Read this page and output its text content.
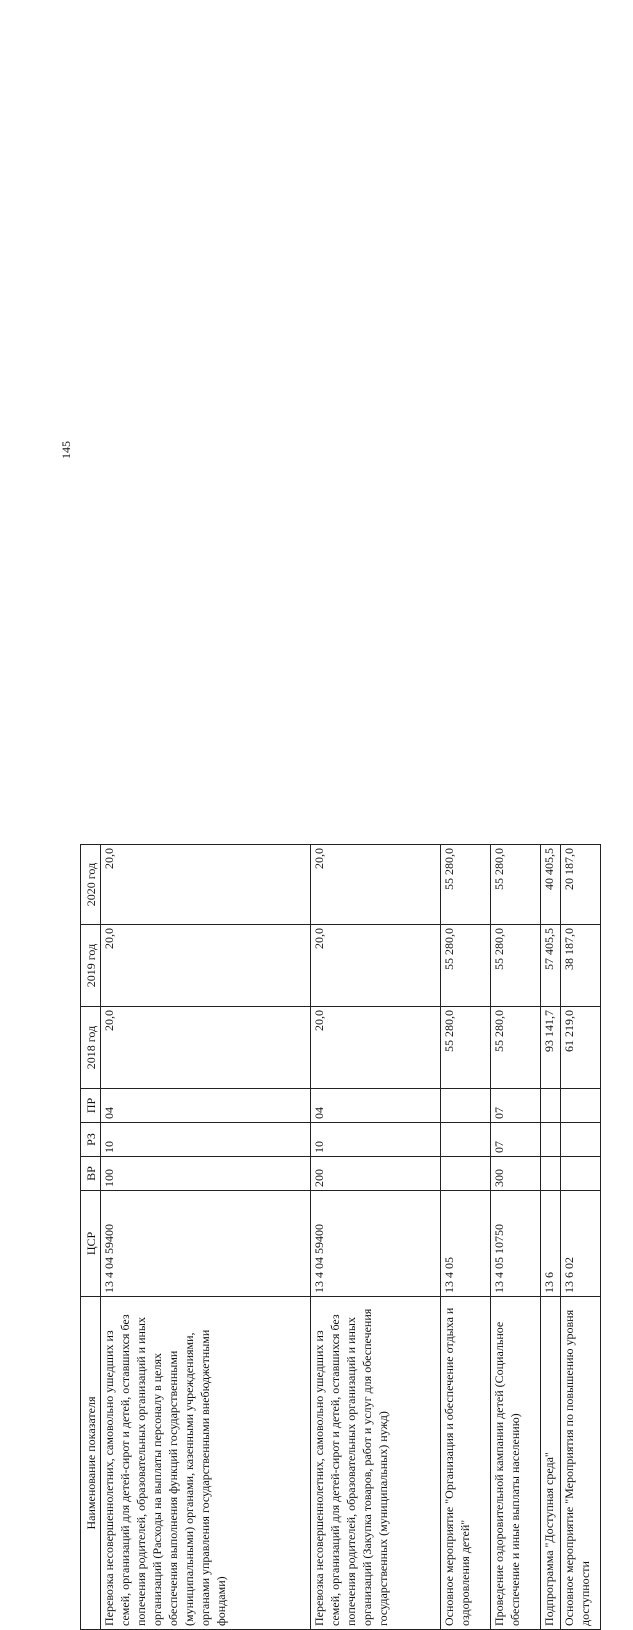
145
Наименование показателя	ЦСР	ВР	РЗ	ПР	2018 год	2019 год	2020 год
Перевозка несовершеннолетних, самовольно ушедших из семей, организаций для детей-сирот и детей, оставшихся без попечения родителей, образовательных организаций и иных организаций (Расходы на выплаты персоналу в целях обеспечения выполнения функций государственными (муниципальными) органами, казенными учреждениями, органами управления государственными внебюджетными фондами)	13 4 04 59400	100	10	04	20,0	20,0	20,0
Перевозка несовершеннолетних, самовольно ушедших из семей, организаций для детей-сирот и детей, оставшихся без попечения родителей, образовательных организаций и иных организаций (Закупка товаров, работ и услуг для обеспечения государственных (муниципальных) нужд)	13 4 04 59400	200	10	04	20,0	20,0	20,0
Основное мероприятие "Организация и обеспечение отдыха и оздоровления детей"	13 4 05				55 280,0	55 280,0	55 280,0
Проведение оздоровительной кампании детей (Социальное обеспечение и иные выплаты населению)	13 4 05 10750	300	07	07	55 280,0	55 280,0	55 280,0
Подпрограмма "Доступная среда"	13 6				93 141,7	57 405,5	40 405,5
Основное мероприятие "Мероприятия по повышению уровня доступности	13 6 02				61 219,0	38 187,0	20 187,0
